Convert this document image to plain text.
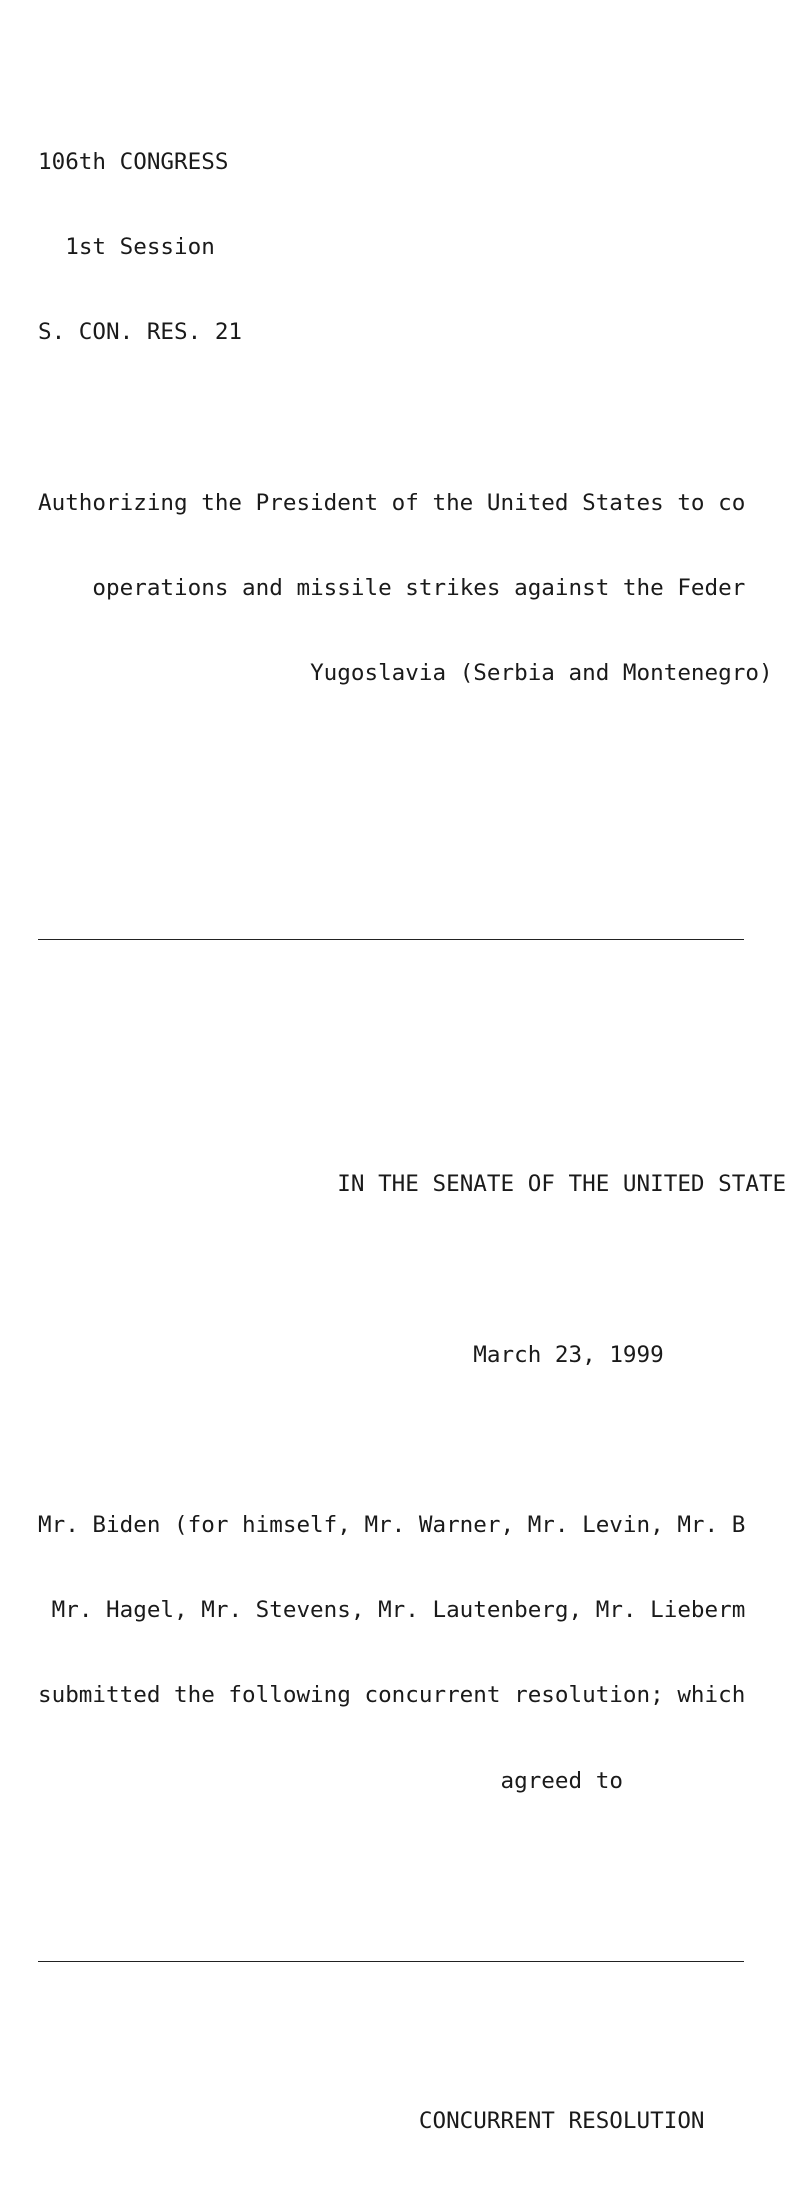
106th CONGRESS

1st Session

S. CON. RES. 21

Authorizing the President of the United States to co

operations and missile strikes against the Feder

Yugoslavia (Serbia and Montenegro)

IN THE SENATE OF THE UNITED STATE

March 23, 1999

Mr. Biden (for himself, Mr. Warner, Mr. Levin, Mr. B

Mr. Hagel, Mr. Stevens, Mr. Lautenberg, Mr. Lieberm

submitted the following concurrent resolution; which

agreed to

CONCURRENT RESOLUTION
